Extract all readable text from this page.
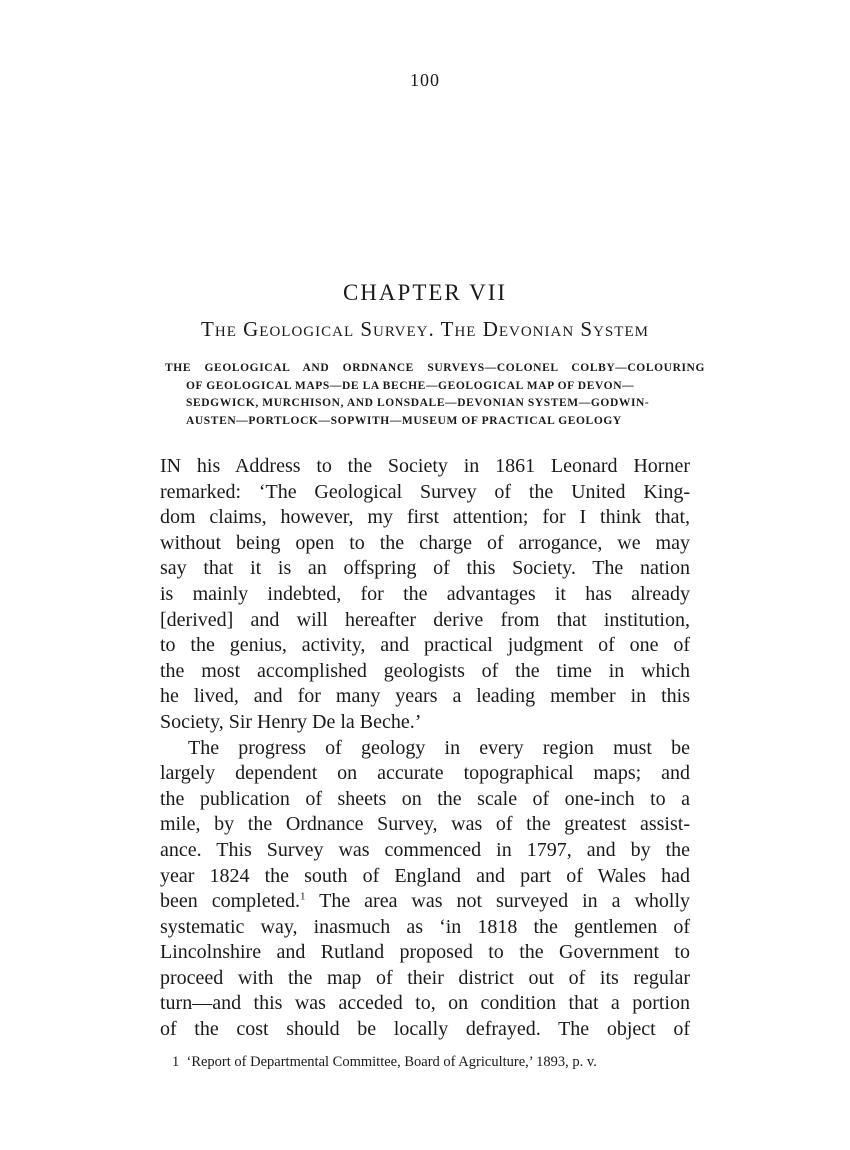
100
CHAPTER VII
The Geological Survey. The Devonian System
THE GEOLOGICAL AND ORDNANCE SURVEYS—COLONEL COLBY—COLOURING
OF GEOLOGICAL MAPS—DE LA BECHE—GEOLOGICAL MAP OF DEVON—
SEDGWICK, MURCHISON, AND LONSDALE—DEVONIAN SYSTEM—GODWIN-
AUSTEN—PORTLOCK—SOPWITH—MUSEUM OF PRACTICAL GEOLOGY
IN his Address to the Society in 1861 Leonard Horner
remarked: ‘The Geological Survey of the United King-
dom claims, however, my first attention; for I think that,
without being open to the charge of arrogance, we may
say that it is an offspring of this Society. The nation
is mainly indebted, for the advantages it has already
[derived] and will hereafter derive from that institution,
to the genius, activity, and practical judgment of one of
the most accomplished geologists of the time in which
he lived, and for many years a leading member in this
Society, Sir Henry De la Beche.’
The progress of geology in every region must be
largely dependent on accurate topographical maps; and
the publication of sheets on the scale of one-inch to a
mile, by the Ordnance Survey, was of the greatest assist-
ance. This Survey was commenced in 1797, and by the
year 1824 the south of England and part of Wales had
been completed.$^1$ The area was not surveyed in a wholly
systematic way, inasmuch as ‘in 1818 the gentlemen of
Lincolnshire and Rutland proposed to the Government to
proceed with the map of their district out of its regular
turn—and this was acceded to, on condition that a portion
of the cost should be locally defrayed. The object of
1 ‘Report of Departmental Committee, Board of Agriculture,’ 1893, p. v.
